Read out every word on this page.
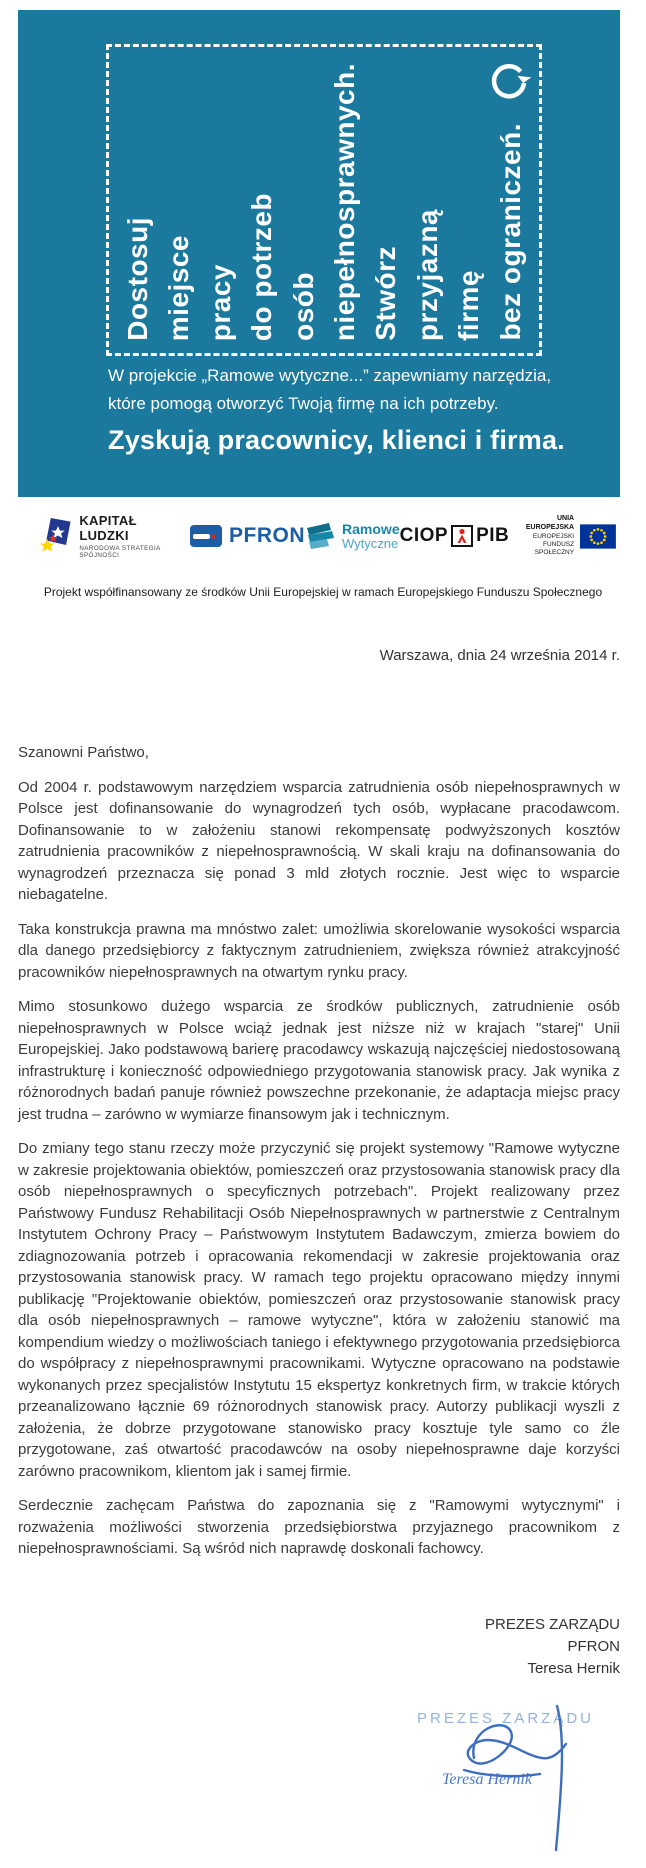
Dostosuj miejsce pracy do potrzeb osób niepełnosprawnych. Stwórz przyjazną firmę bez ograniczeń.
W projekcie „Ramowe wytyczne...” zapewniamy narzędzia,
które pomogą otworzyć Twoją firmę na ich potrzeby.
Zyskują pracownicy, klienci i firma.
KAPITAŁ LUDZKI
NARODOWA STRATEGIA SPÓJNOŚCI
PFRON	Ramowe
Wytyczne CIOP PIB
UNIA EUROPEJSKA
EUROPEJSKI
FUNDUSZ SPOŁECZNY
Projekt współfinansowany ze środków Unii Europejskiej w ramach Europejskiego Funduszu Społecznego
Warszawa, dnia 24 września 2014 r.
Szanowni Państwo,
Od 2004 r. podstawowym narzędziem wsparcia zatrudnienia osób niepełnosprawnych w Polsce jest dofinansowanie do wynagrodzeń tych osób, wypłacane pracodawcom. Dofinansowanie to w założeniu stanowi rekompensatę podwyższonych kosztów zatrudnienia pracowników z niepełnosprawnością. W skali kraju na dofinansowania do wynagrodzeń przeznacza się ponad 3 mld złotych rocznie. Jest więc to wsparcie niebagatelne.
Taka konstrukcja prawna ma mnóstwo zalet: umożliwia skorelowanie wysokości wsparcia dla danego przedsiębiorcy z faktycznym zatrudnieniem, zwiększa również atrakcyjność pracowników niepełnosprawnych na otwartym rynku pracy.
Mimo stosunkowo dużego wsparcia ze środków publicznych, zatrudnienie osób niepełnosprawnych w Polsce wciąż jednak jest niższe niż w krajach "starej" Unii Europejskiej. Jako podstawową barierę pracodawcy wskazują najczęściej niedostosowaną infrastrukturę i konieczność odpowiedniego przygotowania stanowisk pracy. Jak wynika z różnorodnych badań panuje również powszechne przekonanie, że adaptacja miejsc pracy jest trudna – zarówno w wymiarze finansowym jak i technicznym.
Do zmiany tego stanu rzeczy może przyczynić się projekt systemowy "Ramowe wytyczne w zakresie projektowania obiektów, pomieszczeń oraz przystosowania stanowisk pracy dla osób niepełnosprawnych o specyficznych potrzebach". Projekt realizowany przez Państwowy Fundusz Rehabilitacji Osób Niepełnosprawnych w partnerstwie z Centralnym Instytutem Ochrony Pracy – Państwowym Instytutem Badawczym, zmierza bowiem do zdiagnozowania potrzeb i opracowania rekomendacji w zakresie projektowania oraz przystosowania stanowisk pracy. W ramach tego projektu opracowano między innymi publikację "Projektowanie obiektów, pomieszczeń oraz przystosowanie stanowisk pracy dla osób niepełnosprawnych – ramowe wytyczne", która w założeniu stanowić ma kompendium wiedzy o możliwościach taniego i efektywnego przygotowania przedsiębiorca do współpracy z niepełnosprawnymi pracownikami. Wytyczne opracowano na podstawie wykonanych przez specjalistów Instytutu 15 ekspertyz konkretnych firm, w trakcie których przeanalizowano łącznie 69 różnorodnych stanowisk pracy. Autorzy publikacji wyszli z założenia, że dobrze przygotowane stanowisko pracy kosztuje tyle samo co źle przygotowane, zaś otwartość pracodawców na osoby niepełnosprawne daje korzyści zarówno pracownikom, klientom jak i samej firmie.
Serdecznie zachęcam Państwa do zapoznania się z "Ramowymi wytycznymi" i rozważenia możliwości stworzenia przedsiębiorstwa przyjaznego pracownikom z niepełnosprawnościami. Są wśród nich naprawdę doskonali fachowcy.
PREZES ZARZĄDU
PFRON
Teresa Hernik
PREZES ZARZĄDU
Teresa Hernik
